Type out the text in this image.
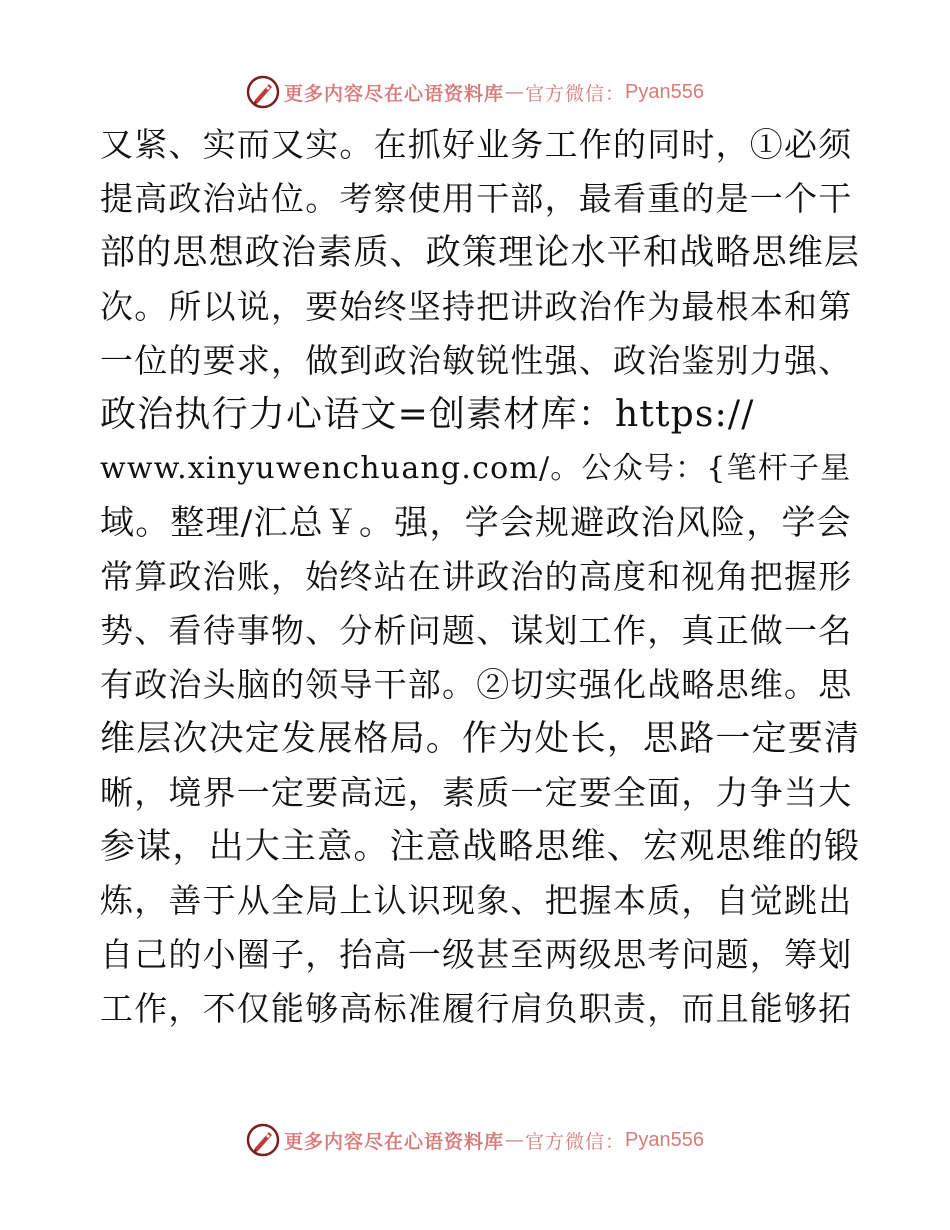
更多内容尽在心语资料库 — 官方微信： Pyan556
又紧、实而又实。在抓好业务工作的同时，①必须
提高政治站位。考察使用干部，最看重的是一个干
部的思想政治素质、政策理论水平和战略思维层
次。所以说，要始终坚持把讲政治作为最根本和第
一位的要求，做到政治敏锐性强、政治鉴别力强、
政治执行力心语文=创素材库：https://
www.xinyuwenchuang.com/。公众号：{笔杆子星
域。整理/汇总￥。强，学会规避政治风险，学会
常算政治账，始终站在讲政治的高度和视角把握形
势、看待事物、分析问题、谋划工作，真正做一名
有政治头脑的领导干部。②切实强化战略思维。思
维层次决定发展格局。作为处长，思路一定要清
晰，境界一定要高远，素质一定要全面，力争当大
参谋，出大主意。注意战略思维、宏观思维的锻
炼，善于从全局上认识现象、把握本质，自觉跳出
自己的小圈子，抬高一级甚至两级思考问题，筹划
工作，不仅能够高标准履行肩负职责，而且能够拓
更多内容尽在心语资料库 — 官方微信： Pyan556
